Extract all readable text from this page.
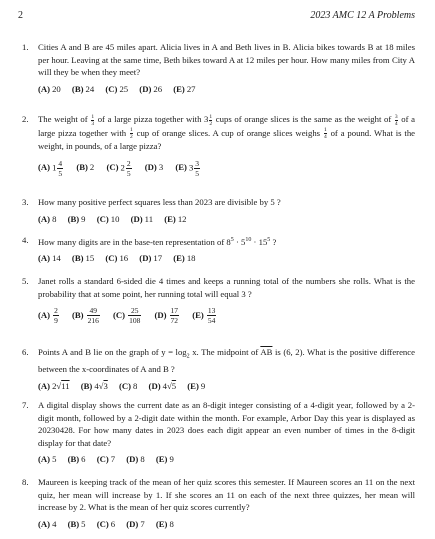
2	2023 AMC 12 A Problems
1.	Cities A and B are 45 miles apart. Alicia lives in A and Beth lives in B. Alicia bikes towards B at 18 miles per hour. Leaving at the same time, Beth bikes toward A at 12 miles per hour. How many miles from City A will they be when they meet?

(A) 20 (B) 24 (C) 25 (D) 26 (E) 27
2.	The weight of $\frac{1}{3}$ of a large pizza together with $3 \frac{1}{2}$ cups of orange slices is the same as the weight of $\frac{3}{4}$ of a large pizza together with $\frac{1}{2}$ cup of orange slices. A cup of orange slices weighs $\frac{1}{4}$ of a pound. What is the weight, in pounds, of a large pizza?

(A) $1 \frac{4}{5} (B)$ 2 (C) $2 \frac{2}{5} (D)$ 3 (E) $3 \frac{3}{5}$
3.	How many positive perfect squares less than 2023 are divisible by 5 ?

(A) 8 (B) 9 (C) 10 (D) 11 (E) 12
4.	How many digits are in the base-ten representation of $8^5 \cdot 5^{10} \cdot 15^5$ ?

(A) 14 (B) 15 (C) 16 (D) 17 (E) 18
5.	Janet rolls a standard 6-sided die 4 times and keeps a running total of the numbers she rolls. What is the probability that at some point, her running total will equal 3 ?

$(A) \frac{2}{9} (B) \frac{49}{216} (C) \frac{25}{108} (D) \frac{17}{72} (E) \frac{13}{54}$
6.	Points A and B lie on the graph of $y = \log_2 x$. The midpoint of $\overline{AB}$ is (6, 2). What is the positive difference between the x-coordinates of A and B ?

(A) 2√11 (B) 4√3 (C) 8 (D) 4√5 (E) 9
7.	A digital display shows the current date as an 8-digit integer consisting of a 4-digit year, followed by a 2-digit month, followed by a 2-digit date within the month. For example, Arbor Day this year is displayed as 20230428. For how many dates in 2023 does each digit appear an even number of times in the 8-digit display for that date?

(A) 5 (B) 6 (C) 7 (D) 8 (E) 9
8.	Maureen is keeping track of the mean of her quiz scores this semester. If Maureen scores an 11 on the next quiz, her mean will increase by 1. If she scores an 11 on each of the next three quizzes, her mean will increase by 2. What is the mean of her quiz scores currently?

(A) 4 (B) 5 (C) 6 (D) 7 (E) 8
